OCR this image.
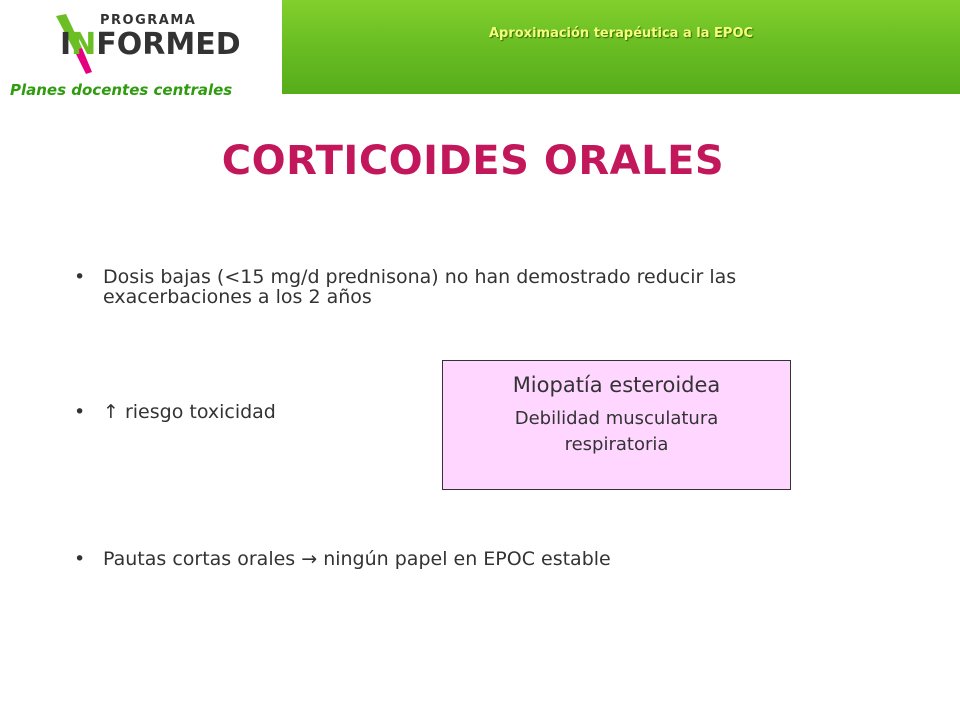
PROGRAMA
INFORMED
Planes docentes centrales
Aproximación terapéutica a la EPOC
CORTICOIDES ORALES
• Dosis bajas (<15 mg/d prednisona) no han demostrado reducir las exacerbaciones a los 2 años
• ↑ riesgo toxicidad
• Pautas cortas orales → ningún papel en EPOC estable
Miopatía esteroidea
Debilidad musculatura
respiratoria
